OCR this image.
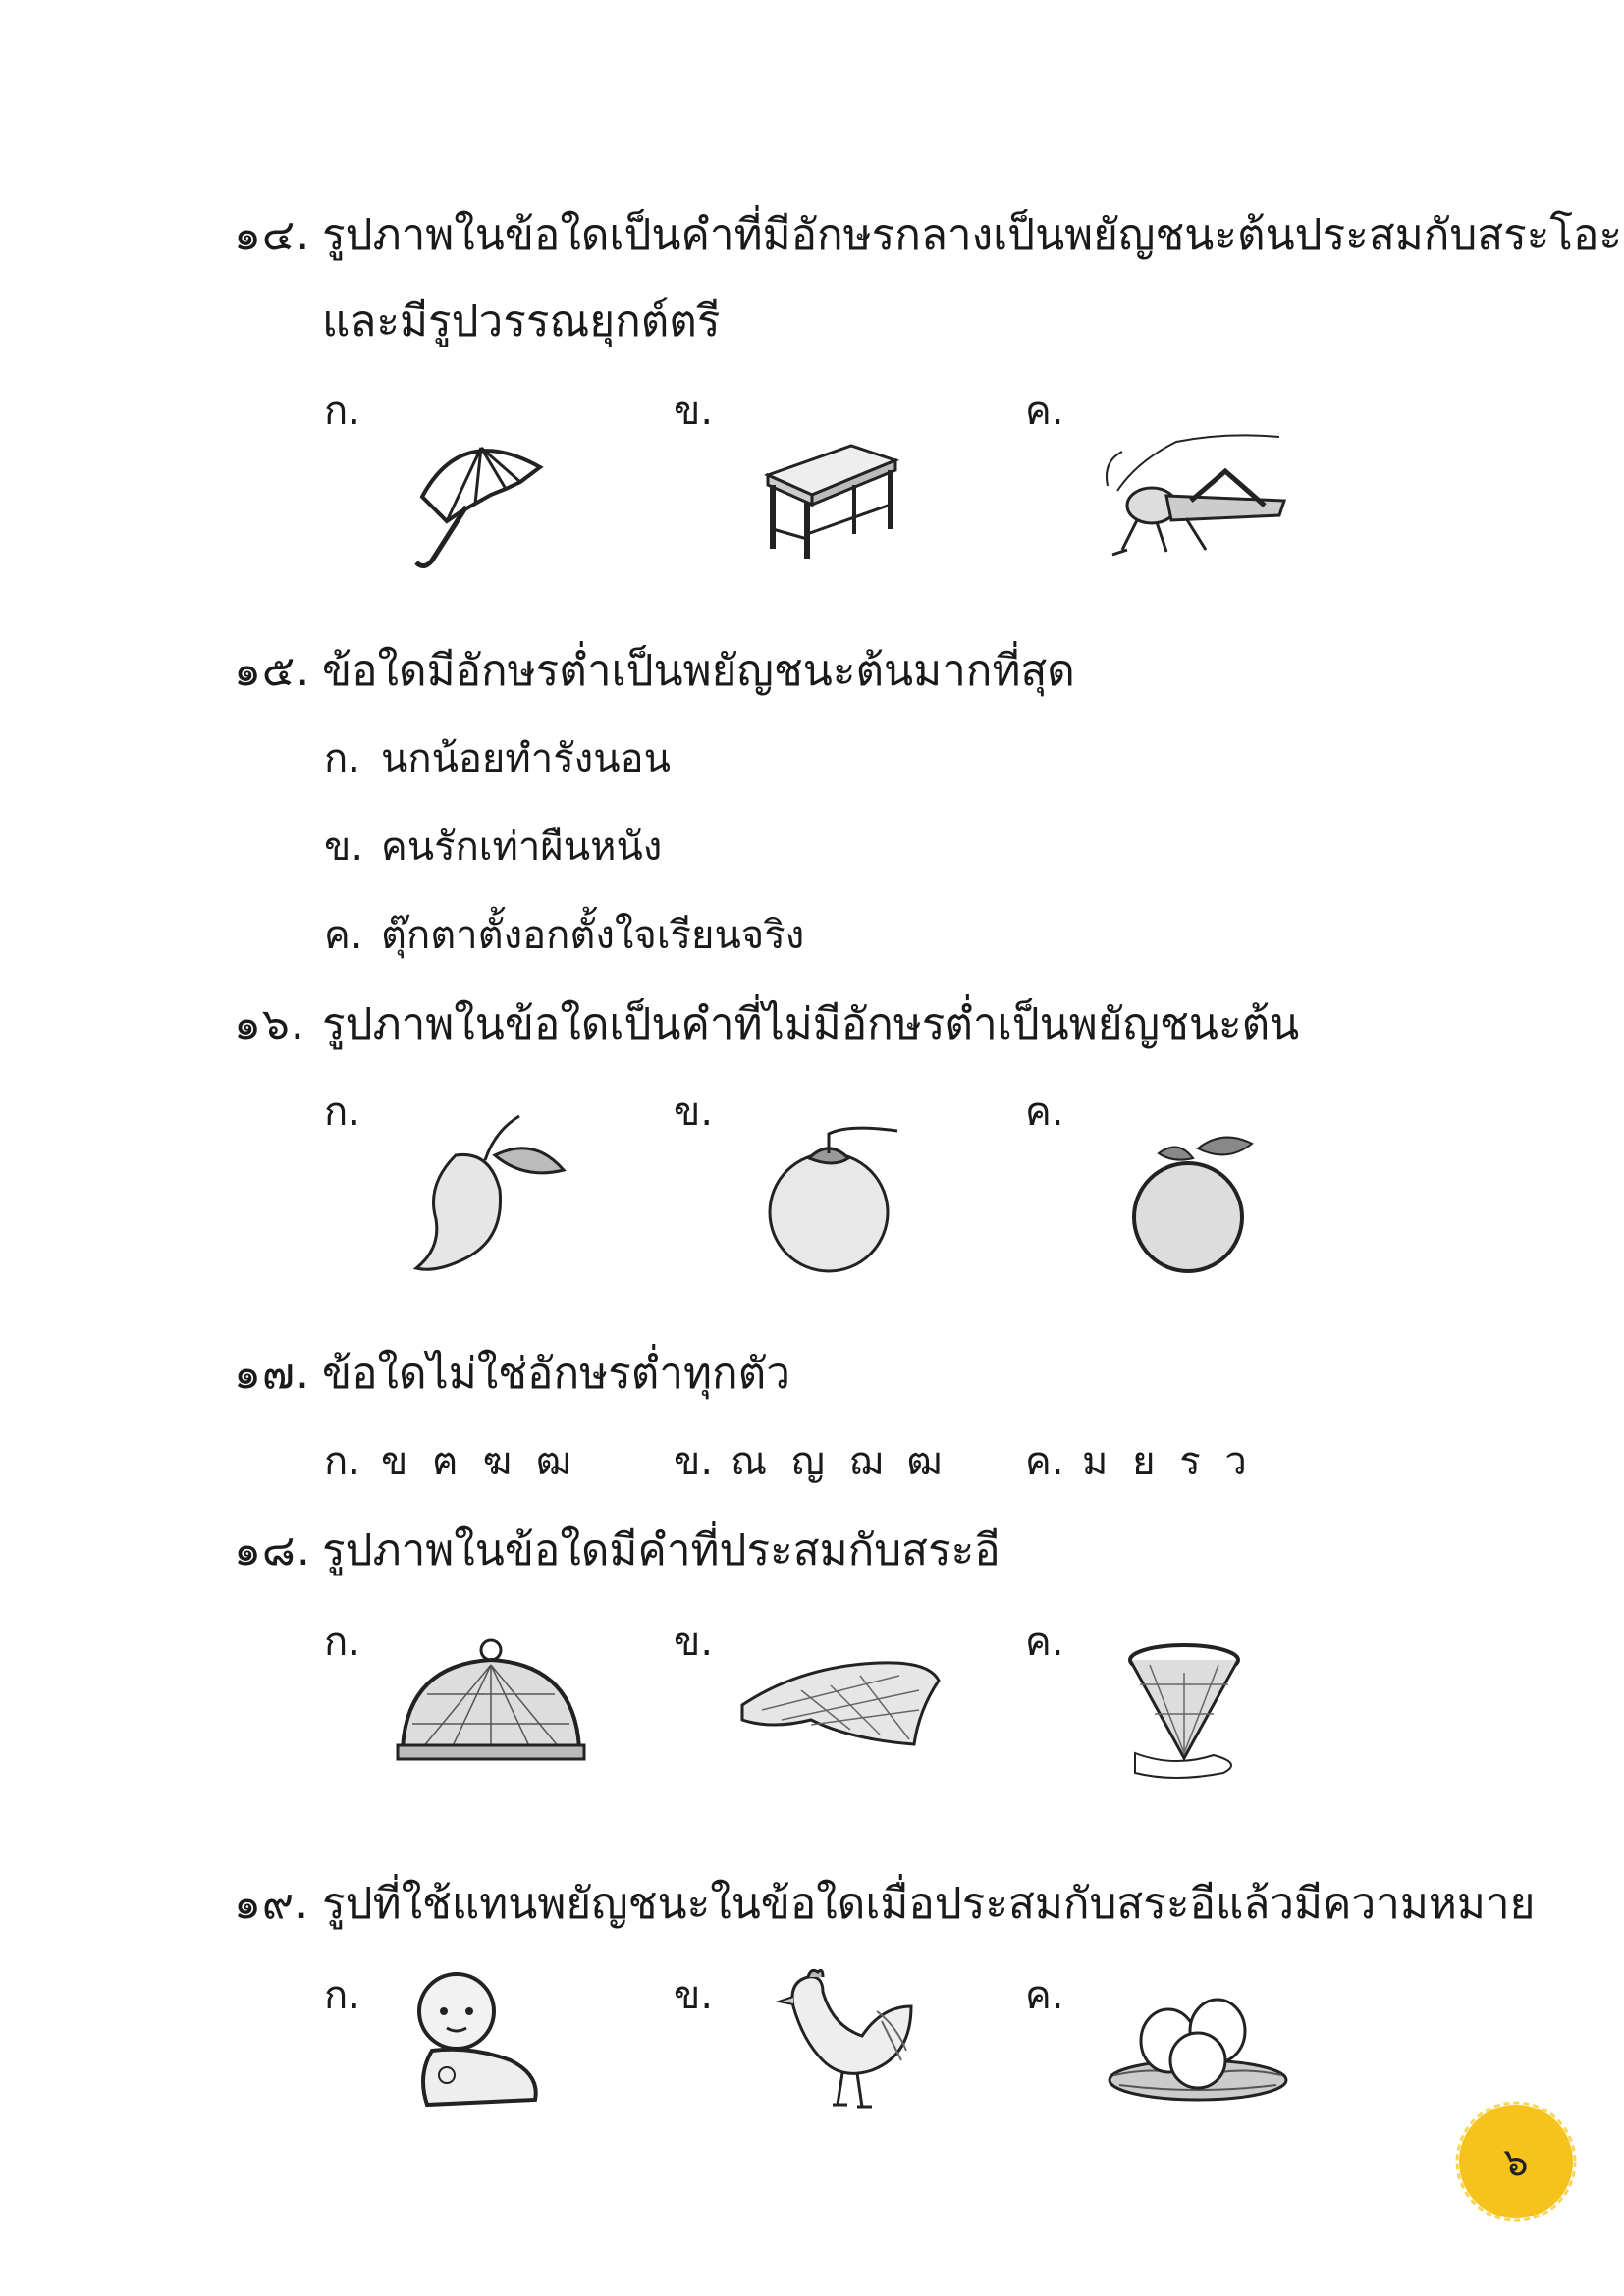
๑๔. รูปภาพในข้อใดเป็นคำที่มีอักษรกลางเป็นพยัญชนะต้นประสมกับสระโอะ
และมีรูปวรรณยุกต์ตรี
ก.	ข.	ค.
๑๕. ข้อใดมีอักษรต่ำเป็นพยัญชนะต้นมากที่สุด
ก. นกน้อยทำรังนอน
ข. คนรักเท่าผืนหนัง
ค. ตุ๊กตาตั้งอกตั้งใจเรียนจริง
๑๖. รูปภาพในข้อใดเป็นคำที่ไม่มีอักษรต่ำเป็นพยัญชนะต้น
ก.	ข.	ค.
๑๗. ข้อใดไม่ใช่อักษรต่ำทุกตัว
ก. ข ฅ ฆ ฒ ข. ณ ญ ฌ ฒ ค. ม ย ร ว
๑๘. รูปภาพในข้อใดมีคำที่ประสมกับสระอี
ก.	ข.	ค.
๑๙. รูปที่ใช้แทนพยัญชนะในข้อใดเมื่อประสมกับสระอีแล้วมีความหมาย
ก.	ข.	ค.
๖
